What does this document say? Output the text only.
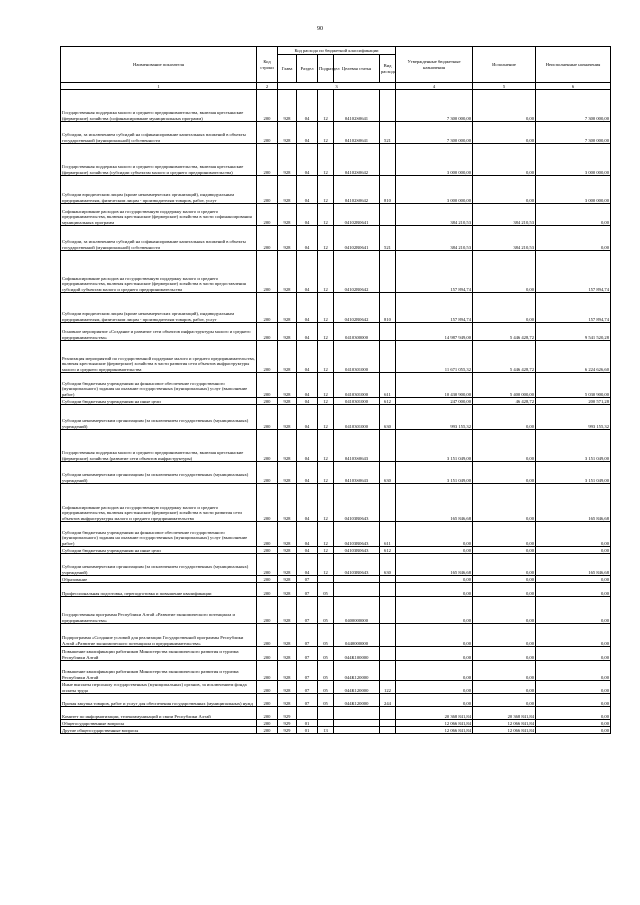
90
Наименование показателя	Код строки	Код расхода по бюджетной классификации					Утвержденные бюджетные назначения	Исполнение	Неисполненные назначения
		Глава	Раздел	Подраздел	Целевая статья	Вид расхода			
1	2	3					4	5	6
Государственная поддержка малого и среднего предпринимательства, включая крестьянские (фермерские) хозяйства (софинансирование муниципальных программ)	200	928	04	12	04102S0641		7 300 000,00	0,00	7 300 000,00
Субсидии, за исключением субсидий на софинансирование капитальных вложений в объекты государственной (муниципальной) собственности	200	928	04	12	04102S0641	521	7 300 000,00	0,00	7 300 000,00
Государственная поддержка малого и среднего предпринимательства, включая крестьянские (фермерские) хозяйства (субсидии субъектам малого и среднего предпринимательства)	200	928	04	12	04102S0642		3 000 000,00	0,00	3 000 000,00
Субсидии юридическим лицам (кроме некоммерческих организаций), индивидуальным предпринимателям, физическим лицам - производителям товаров, работ, услуг	200	928	04	12	04102S0642	810	3 000 000,00	0,00	3 000 000,00
Софинансирование расходов на государственную поддержку малого и среднего предпринимательства, включая крестьянские (фермерские) хозяйства в части софинансирования муниципальных программ	200	928	04	12	04102R0641		384 210,53	384 210,53	0,00
Субсидии, за исключением субсидий на софинансирование капитальных вложений в объекты государственной (муниципальной) собственности	200	928	04	12	04102R0641	521	384 210,53	384 210,53	0,00
Софинансирование расходов на государственную поддержку малого и среднего предпринимательства, включая крестьянские (фермерские) хозяйства в части предоставления субсидий субъектам малого и среднего предпринимательства	200	928	04	12	04102R0642		157 894,74	0,00	157 894,74
Субсидии юридическим лицам (кроме некоммерческих организаций), индивидуальным предпринимателям, физическим лицам - производителям товаров, работ, услуг	200	928	04	12	04102R0642	810	157 894,74	0,00	157 894,74
Основное мероприятие «Создание и развитие сети объектов инфраструктуры малого и среднего предпринимательства»	200	928	04	12	0410300000		14 987 949,00	5 446 428,72	9 541 520,28
Реализация мероприятий по государственной поддержке малого и среднего предпринимательства, включая крестьянские (фермерские) хозяйства в части развития сети объектов инфраструктуры малого и среднего предпринимательства	200	928	04	12	0410301000		11 671 055,32	5 446 428,72	6 224 626,60
Субсидии бюджетным учреждениям на финансовое обеспечение государственного (муниципального) задания на оказание государственных (муниципальных) услуг (выполнение работ)	200	928	04	12	0410301000	611	10 430 900,00	5 400 000,00	5 030 900,00
Субсидии бюджетным учреждениям на иные цели	200	928	04	12	0410301000	612	247 000,00	46 428,72	200 571,28
Субсидии некоммерческим организациям (за исключением государственных (муниципальных) учреждений)	200	928	04	12	0410301000	630	993 155,32	0,00	993 155,32
Государственная поддержка малого и среднего предпринимательства, включая крестьянские (фермерские) хозяйства (развитие сети объектов инфраструктуры)	200	928	04	12	04103S0643		3 151 049,00	0,00	3 151 049,00
Субсидии некоммерческим организациям (за исключением государственных (муниципальных) учреждений)	200	928	04	12	04103S0643	630	3 151 049,00	0,00	3 151 049,00
Софинансирование расходов на государственную поддержку малого и среднего предпринимательства, включая крестьянские (фермерские) хозяйства в части развития сети объектов инфраструктуры малого и среднего предпринимательства	200	928	04	12	04103R0643		165 846,68	0,00	165 846,68
Субсидии бюджетным учреждениям на финансовое обеспечение государственного (муниципального) задания на оказание государственных (муниципальных) услуг (выполнение работ)	200	928	04	12	04103R0643	611	0,00	0,00	0,00
Субсидии бюджетным учреждениям на иные цели	200	928	04	12	04103R0643	612	0,00	0,00	0,00
Субсидии некоммерческим организациям (за исключением государственных (муниципальных) учреждений)	200	928	04	12	04103R0643	630	165 846,68	0,00	165 846,68
Образование	200	928	07				0,00	0,00	0,00
Профессиональная подготовка, переподготовка и повышение квалификации	200	928	07	05			0,00	0,00	0,00
Государственная программа Республики Алтай «Развитие экономического потенциала и предпринимательства»	200	928	07	05	0400000000		0,00	0,00	0,00
Подпрограмма «Создание условий для реализации Государственной программы Республики Алтай «Развитие экономического потенциала и предпринимательства»	200	928	07	05	0440000000		0,00	0,00	0,00
Повышение квалификации работников Министерства экономического развития и туризма Республики Алтай	200	928	07	05	044К100000		0,00	0,00	0,00
Повышение квалификации работников Министерства экономического развития и туризма Республики Алтай	200	928	07	05	044К120000		0,00	0,00	0,00
Иные выплаты персоналу государственных (муниципальных) органов, за исключением фонда оплаты труда	200	928	07	05	044К120000	122	0,00	0,00	0,00
Прочая закупка товаров, работ и услуг для обеспечения государственных (муниципальных) нужд	200	928	07	05	044К120000	244	0,00	0,00	0,00
Комитет по информатизации, телекоммуникаций и связи Республики Алтай	200	929					20 368 841,84	20 368 841,84	0,00
Общегосударственные вопросы	200	929	01				12 066 841,84	12 066 841,84	0,00
Другие общегосударственные вопросы	200	929	01	13			12 066 841,84	12 066 841,84	0,00
